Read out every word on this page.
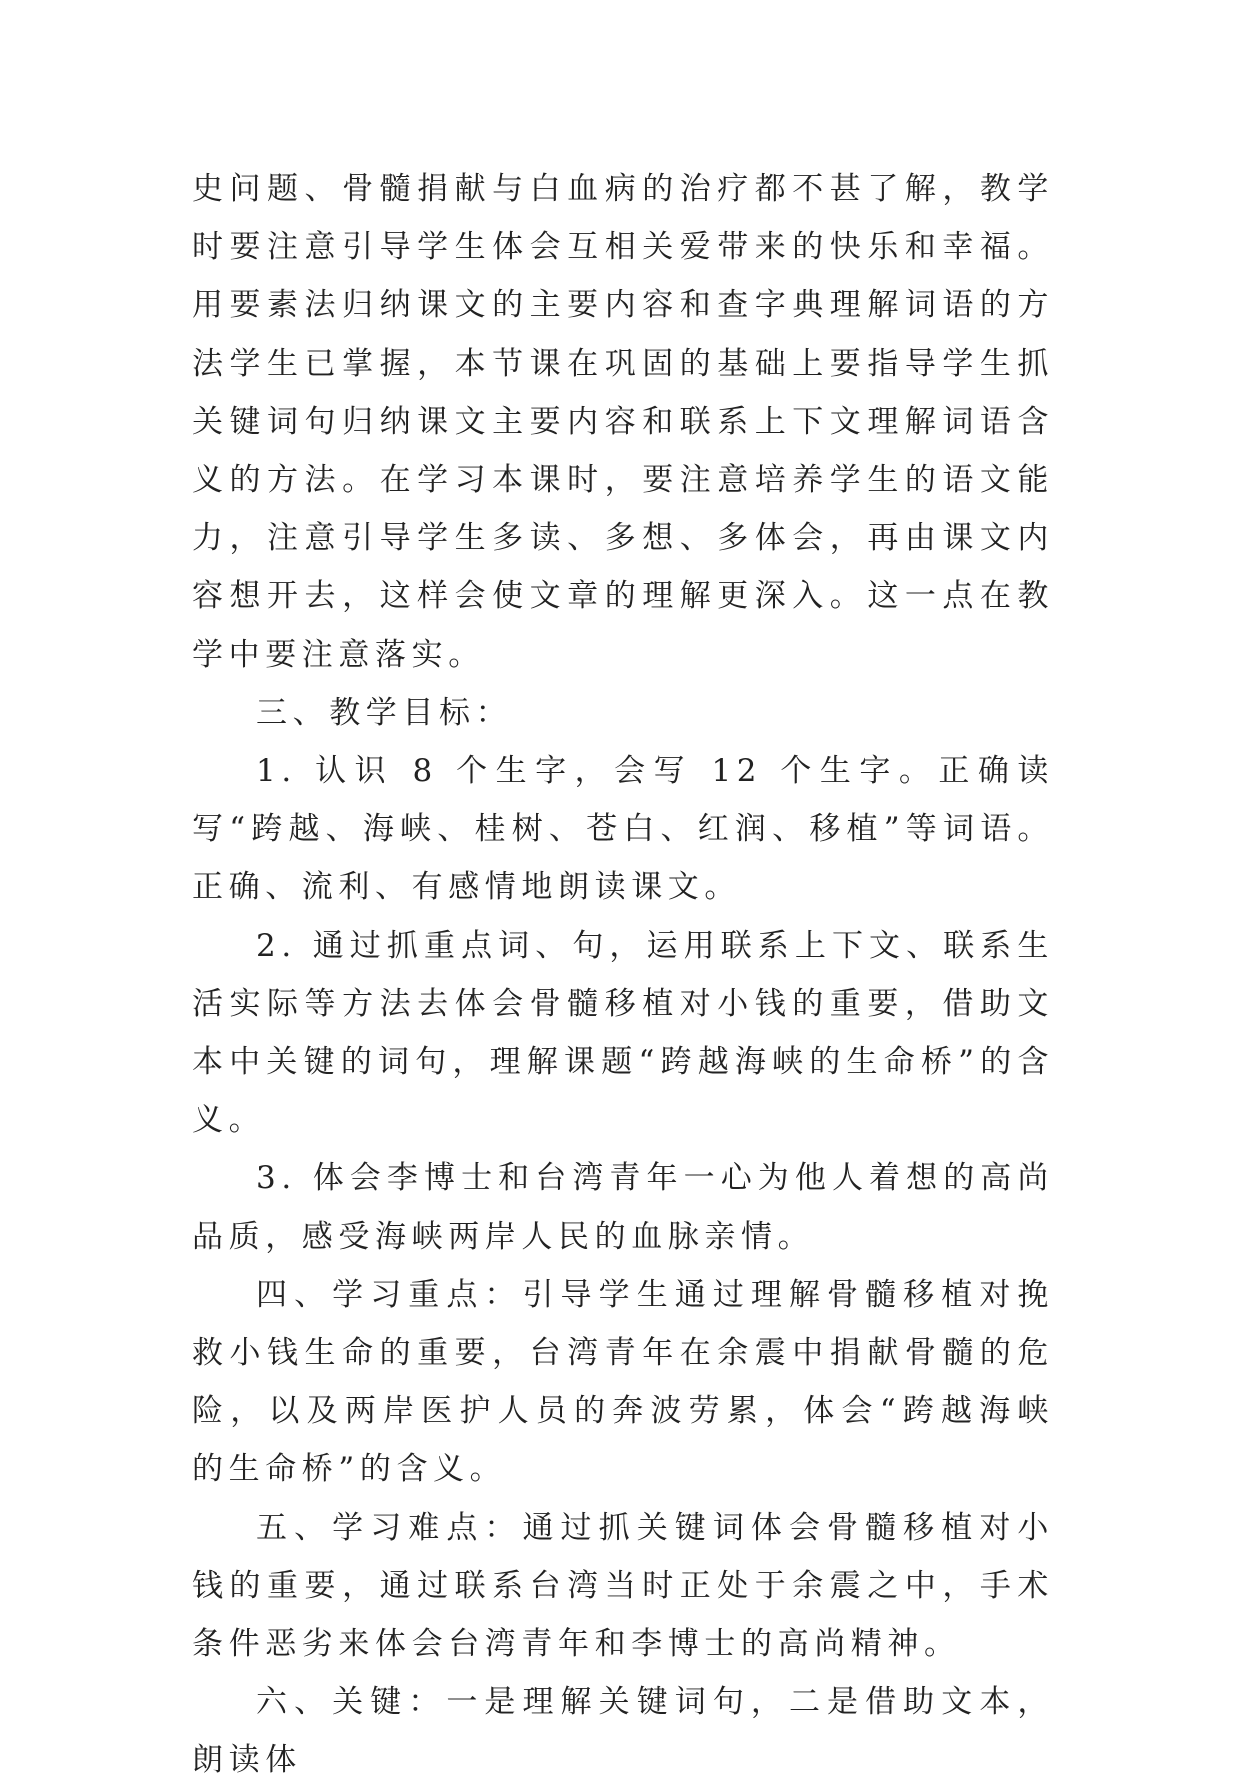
史问题、骨髓捐献与白血病的治疗都不甚了解，教学时要注意引导学生体会互相关爱带来的快乐和幸福。用要素法归纳课文的主要内容和查字典理解词语的方法学生已掌握，本节课在巩固的基础上要指导学生抓关键词句归纳课文主要内容和联系上下文理解词语含义的方法。在学习本课时，要注意培养学生的语文能力，注意引导学生多读、多想、多体会，再由课文内容想开去，这样会使文章的理解更深入。这一点在教学中要注意落实。

三、教学目标：

1. 认识 8 个生字，会写 12 个生字。正确读写“跨越、海峡、桂树、苍白、红润、移植”等词语。正确、流利、有感情地朗读课文。

2. 通过抓重点词、句，运用联系上下文、联系生活实际等方法去体会骨髓移植对小钱的重要，借助文本中关键的词句，理解课题“跨越海峡的生命桥”的含义。

3. 体会李博士和台湾青年一心为他人着想的高尚品质，感受海峡两岸人民的血脉亲情。

四、学习重点：引导学生通过理解骨髓移植对挽救小钱生命的重要，台湾青年在余震中捐献骨髓的危险，以及两岸医护人员的奔波劳累，体会“跨越海峡的生命桥”的含义。

五、学习难点：通过抓关键词体会骨髓移植对小钱的重要，通过联系台湾当时正处于余震之中，手术条件恶劣来体会台湾青年和李博士的高尚精神。

六、关键：一是理解关键词句，二是借助文本，朗读体
